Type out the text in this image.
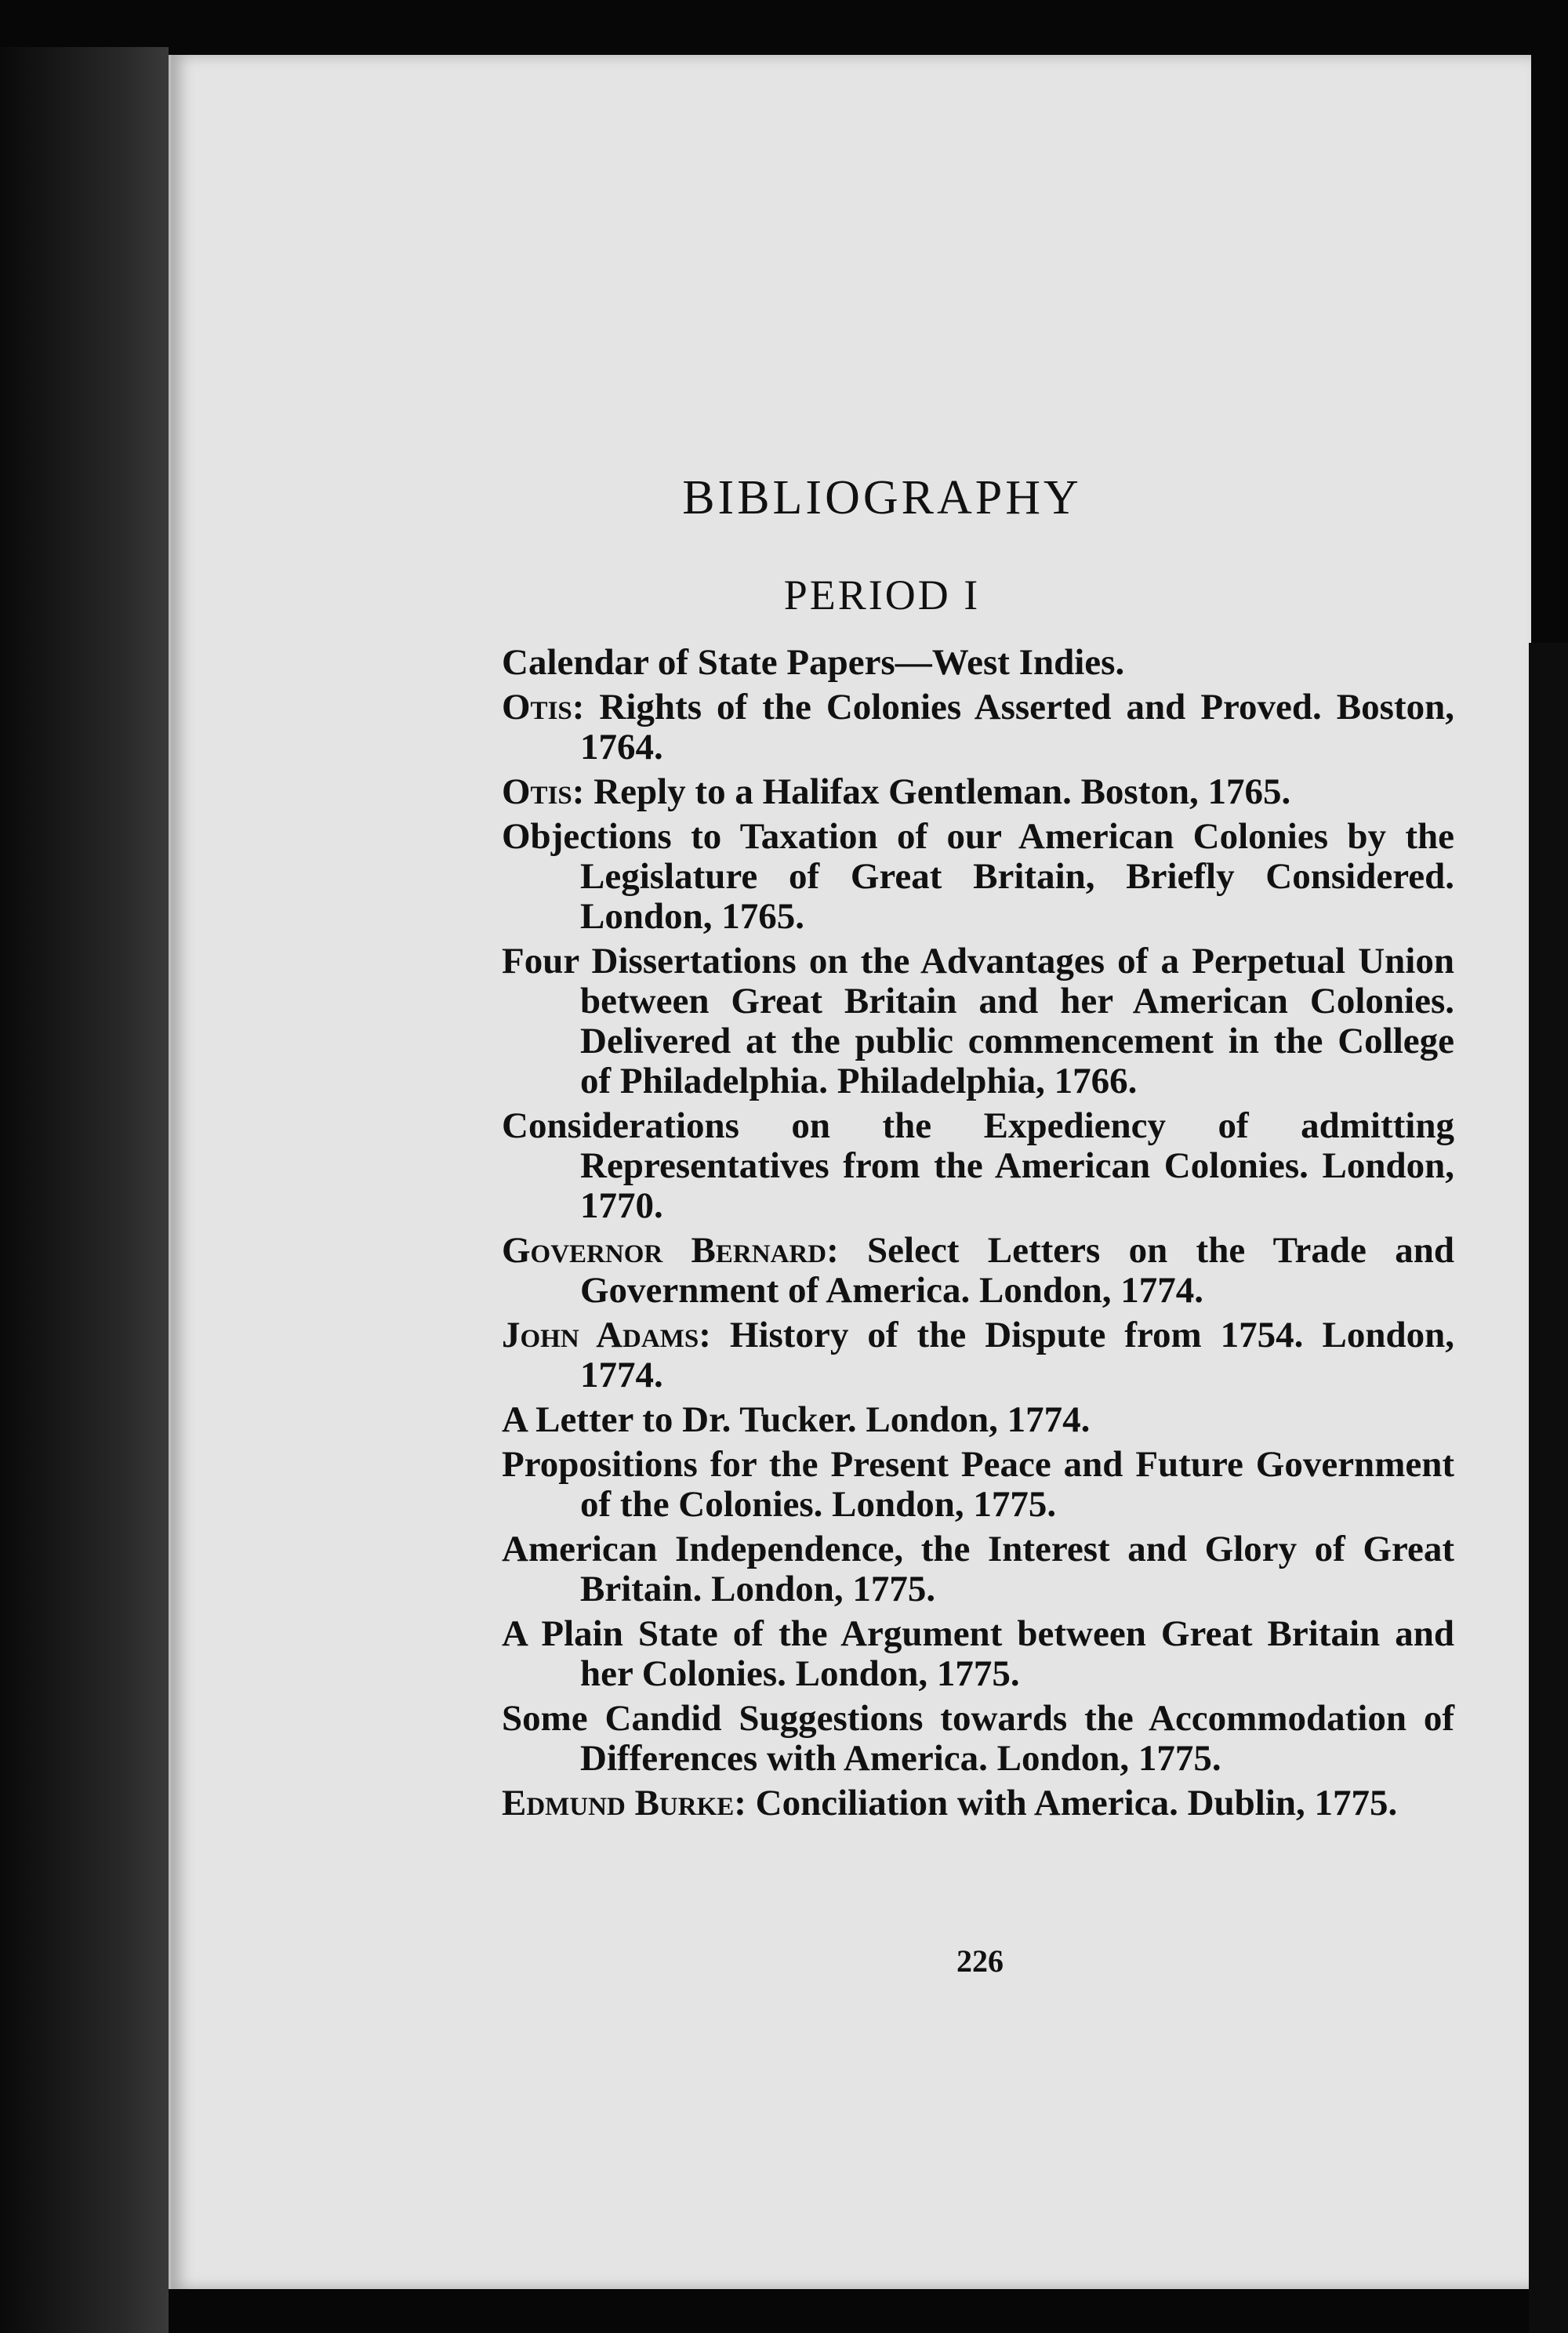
BIBLIOGRAPHY
PERIOD I
Calendar of State Papers—West Indies.
Otis: Rights of the Colonies Asserted and Proved. Boston, 1764.
Otis: Reply to a Halifax Gentleman. Boston, 1765.
Objections to Taxation of our American Colonies by the Legislature of Great Britain, Briefly Considered. London, 1765.
Four Dissertations on the Advantages of a Perpetual Union between Great Britain and her American Colonies. Delivered at the public commencement in the College of Philadelphia. Philadelphia, 1766.
Considerations on the Expediency of admitting Representatives from the American Colonies. London, 1770.
Governor Bernard: Select Letters on the Trade and Government of America. London, 1774.
John Adams: History of the Dispute from 1754. London, 1774.
A Letter to Dr. Tucker. London, 1774.
Propositions for the Present Peace and Future Government of the Colonies. London, 1775.
American Independence, the Interest and Glory of Great Britain. London, 1775.
A Plain State of the Argument between Great Britain and her Colonies. London, 1775.
Some Candid Suggestions towards the Accommodation of Differences with America. London, 1775.
Edmund Burke: Conciliation with America. Dublin, 1775.

226
